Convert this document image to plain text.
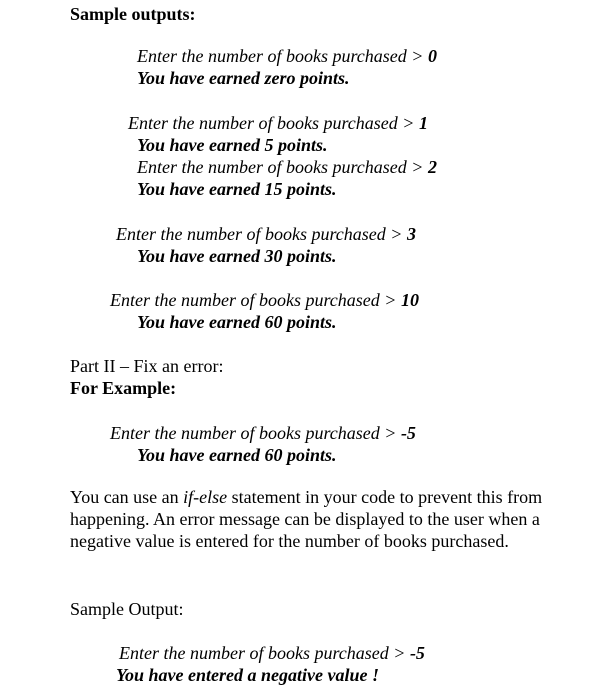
Sample outputs:
Enter the number of books purchased > 0
You have earned zero points.
Enter the number of books purchased > 1
You have earned 5 points.
Enter the number of books purchased > 2
You have earned 15 points.
Enter the number of books purchased > 3
You have earned 30 points.
Enter the number of books purchased > 10
You have earned 60 points.
Part II – Fix an error:
For Example:
Enter the number of books purchased > -5
You have earned 60 points.

You can use an if-else statement in your code to prevent this from happening. An error message can be displayed to the user when a negative value is entered for the number of books purchased.

Sample Output:
Enter the number of books purchased > -5
You have entered a negative value !
